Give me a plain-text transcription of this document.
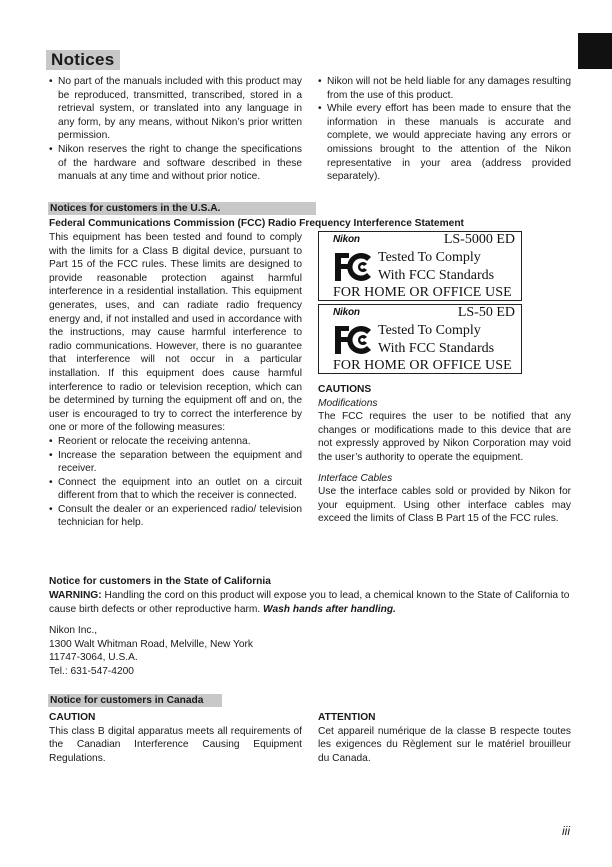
Notices
• No part of the manuals included with this product may be reproduced, transmitted, transcribed, stored in a retrieval system, or translated into any language in any form, by any means, without Nikon’s prior written permission.
• Nikon reserves the right to change the specifications of the hardware and software described in these manuals at any time and without prior notice.
• Nikon will not be held liable for any damages resulting from the use of this product.
• While every effort has been made to ensure that the information in these manuals is accurate and complete, we would appreciate having any errors or omissions brought to the attention of the Nikon representative in your area (address provided separately).
Notices for customers in the U.S.A.
Federal Communications Commission (FCC) Radio Frequency Interference Statement

This equipment has been tested and found to comply with the limits for a Class B digital device, pursuant to Part 15 of the FCC rules. These limits are designed to provide reasonable protection against harmful interference in a residential installation. This equipment generates, uses, and can radiate radio frequency energy and, if not installed and used in accordance with the instructions, may cause harmful interference to radio communications. However, there is no guarantee that interference will not occur in a particular installation. If this equipment does cause harmful interference to radio or television reception, which can be determined by turning the equipment off and on, the user is encouraged to try to correct the interference by one or more of the following measures:

• Reorient or relocate the receiving antenna.
• Increase the separation between the equipment and receiver.
• Connect the equipment into an outlet on a circuit different from that to which the receiver is connected.
• Consult the dealer or an experienced radio/ television technician for help.
Nikon	LS-5000 ED
Tested To Comply
With FCC Standards
FOR HOME OR OFFICE USE
Nikon	LS-50 ED
Tested To Comply
With FCC Standards
FOR HOME OR OFFICE USE

CAUTIONS

Modifications

The FCC requires the user to be notified that any changes or modifications made to this device that are not expressly approved by Nikon Corporation may void the user’s authority to operate the equipment.

Interface Cables

Use the interface cables sold or provided by Nikon for your equipment. Using other interface cables may exceed the limits of Class B Part 15 of the FCC rules.

Notice for customers in the State of California
WARNING: Handling the cord on this product will expose you to lead, a chemical known to the State of California to cause birth defects or other reproductive harm. Wash hands after handling.

Nikon Inc.,

1300 Walt Whitman Road, Melville, New York

11747-3064, U.S.A.

Tel.: 631-547-4200

Notice for customers in Canada

CAUTION

This class B digital apparatus meets all requirements of the Canadian Interference Causing Equipment Regulations.

ATTENTION

Cet appareil numérique de la classe B respecte toutes les exigences du Règlement sur le matériel brouilleur du Canada.

iii
